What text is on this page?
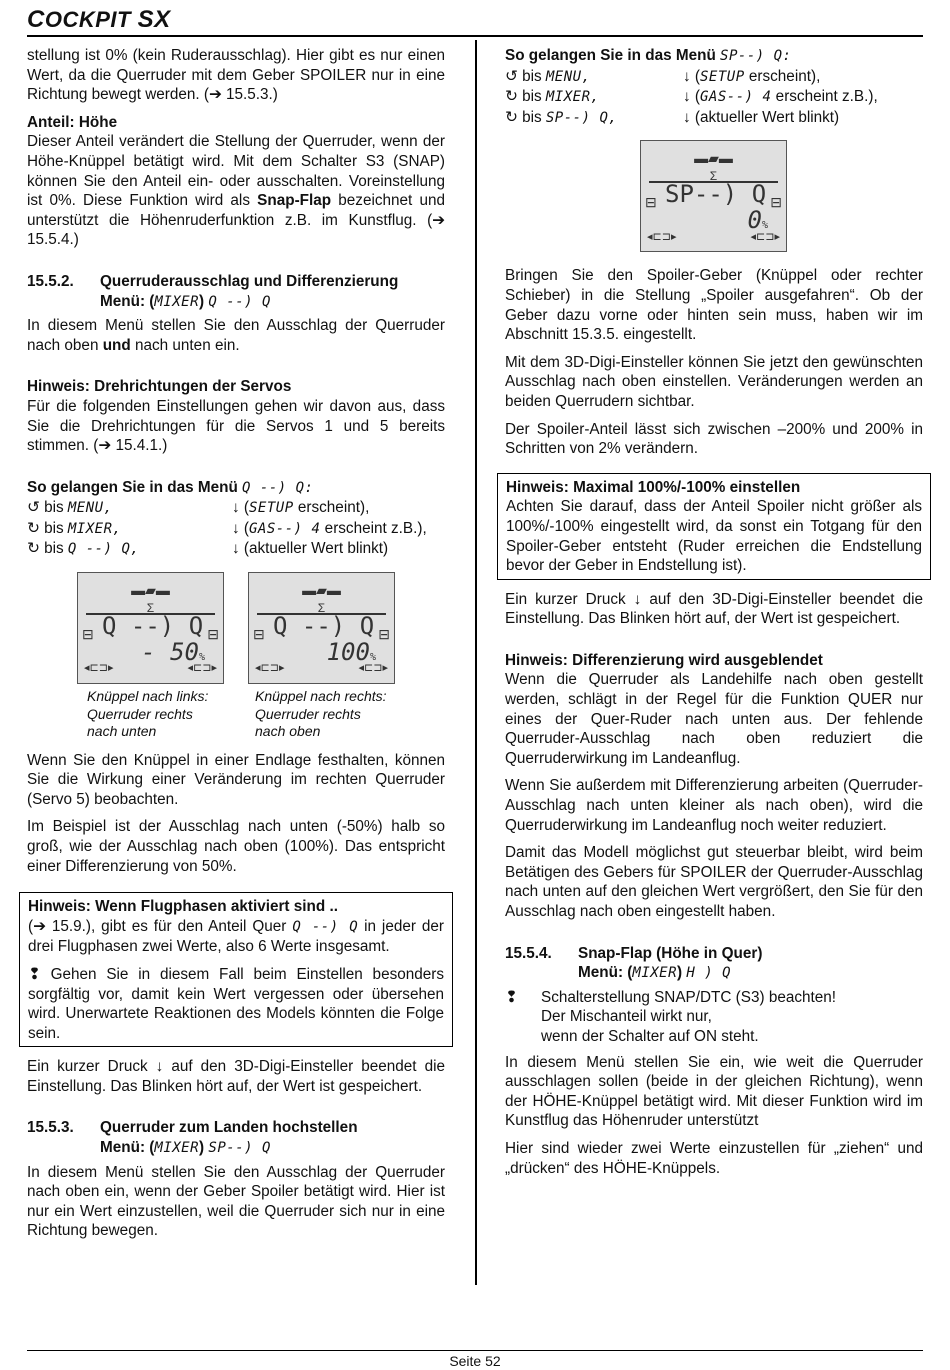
COCKPIT SX

stellung ist 0% (kein Ruderausschlag). Hier gibt es nur einen Wert, da die Querruder mit dem Geber SPOILER nur in eine Richtung bewegt werden. (➔ 15.5.3.)

Anteil: Höhe

Dieser Anteil verändert die Stellung der Querruder, wenn der Höhe-Knüppel betätigt wird. Mit dem Schalter S3 (SNAP) können Sie den Anteil ein- oder ausschalten. Voreinstellung ist 0%. Diese Funktion wird als Snap-Flap bezeichnet und unterstützt die Höhenruderfunktion z.B. im Kunstflug. (➔ 15.5.4.)

15.5.2.	Querruderausschlag und Differenzierung
Menü: (MIXER) Q --) Q

In diesem Menü stellen Sie den Ausschlag der Querruder nach oben und nach unten ein.

Hinweis: Drehrichtungen der Servos

Für die folgenden Einstellungen gehen wir davon aus, dass Sie die Drehrichtungen für die Servos 1 und 5 bereits stimmen. (➔ 15.4.1.)

So gelangen Sie in das Menü Q --) Q:

↺ bis MENU,	↓ (SETUP erscheint),
↻ bis MIXER,	↓ (GAS--) 4 erscheint z.B.),
↻ bis Q --) Q,	↓ (aktueller Wert blinkt)
▬▰▬
Σ
⊟	⊟
Q --) Q
- 50%
◂⊏⊐▸	◂⊏⊐▸
▬▰▬
Σ
⊟	⊟
Q --) Q
100%
◂⊏⊐▸	◂⊏⊐▸
Knüppel nach links:
Querruder rechts
nach unten
Knüppel nach rechts:
Querruder rechts
nach oben

Wenn Sie den Knüppel in einer Endlage festhalten, können Sie die Wirkung einer Veränderung im rechten Querruder (Servo 5) beobachten.

Im Beispiel ist der Ausschlag nach unten (-50%) halb so groß, wie der Ausschlag nach oben (100%). Das entspricht einer Differenzierung von 50%.

Hinweis: Wenn Flugphasen aktiviert sind ..

(➔ 15.9.), gibt es für den Anteil Quer Q --) Q in jeder der drei Flugphasen zwei Werte, also 6 Werte insgesamt.

❢ Gehen Sie in diesem Fall beim Einstellen besonders sorgfältig vor, damit kein Wert vergessen oder übersehen wird. Unerwartete Reaktionen des Models könnten die Folge sein.

Ein kurzer Druck ↓ auf den 3D-Digi-Einsteller beendet die Einstellung. Das Blinken hört auf, der Wert ist gespeichert.

15.5.3.	Querruder zum Landen hochstellen
Menü: (MIXER) SP--) Q

In diesem Menü stellen Sie den Ausschlag der Querruder nach oben ein, wenn der Geber Spoiler betätigt wird. Hier ist nur ein Wert einzustellen, weil die Querruder sich nur in eine Richtung bewegen.

So gelangen Sie in das Menü SP--) Q:

↺ bis MENU,	↓ (SETUP erscheint),
↻ bis MIXER,	↓ (GAS--) 4 erscheint z.B.),
↻ bis SP--) Q,	↓ (aktueller Wert blinkt)
▬▰▬
Σ
⊟	⊟
SP--) Q
0%
◂⊏⊐▸	◂⊏⊐▸

Bringen Sie den Spoiler-Geber (Knüppel oder rechter Schieber) in die Stellung „Spoiler ausgefahren“. Ob der Geber dazu vorne oder hinten sein muss, haben wir im Abschnitt 15.3.5. eingestellt.

Mit dem 3D-Digi-Einsteller können Sie jetzt den gewünschten Ausschlag nach oben einstellen. Veränderungen werden an beiden Querrudern sichtbar.

Der Spoiler-Anteil lässt sich zwischen –200% und 200% in Schritten von 2% verändern.

Hinweis: Maximal 100%/-100% einstellen

Achten Sie darauf, dass der Anteil Spoiler nicht größer als 100%/-100% eingestellt wird, da sonst ein Totgang für den Spoiler-Geber entsteht (Ruder erreichen die Endstellung bevor der Geber in Endstellung ist).

Ein kurzer Druck ↓ auf den 3D-Digi-Einsteller beendet die Einstellung. Das Blinken hört auf, der Wert ist gespeichert.

Hinweis: Differenzierung wird ausgeblendet

Wenn die Querruder als Landehilfe nach oben gestellt werden, schlägt in der Regel für die Funktion QUER nur eines der Quer-Ruder nach unten aus. Der fehlende Querruder-Ausschlag nach oben reduziert die Querruderwirkung im Landeanflug.

Wenn Sie außerdem mit Differenzierung arbeiten (Querruder-Ausschlag nach unten kleiner als nach oben), wird die Querruderwirkung im Landeanflug noch weiter reduziert.

Damit das Modell möglichst gut steuerbar bleibt, wird beim Betätigen des Gebers für SPOILER der Querruder-Ausschlag nach unten auf den gleichen Wert vergrößert, den Sie für den Ausschlag nach oben eingestellt haben.

15.5.4.	Snap-Flap (Höhe in Quer)
Menü: (MIXER) H ) Q
❢	Schalterstellung SNAP/DTC (S3) beachten!
Der Mischanteil wirkt nur,
wenn der Schalter auf ON steht.

In diesem Menü stellen Sie ein, wie weit die Querruder ausschlagen sollen (beide in der gleichen Richtung), wenn der HÖHE-Knüppel betätigt wird. Mit dieser Funktion wird im Kunstflug das Höhenruder unterstützt

Hier sind wieder zwei Werte einzustellen für „ziehen“ und „drücken“ des HÖHE-Knüppels.

Seite 52
